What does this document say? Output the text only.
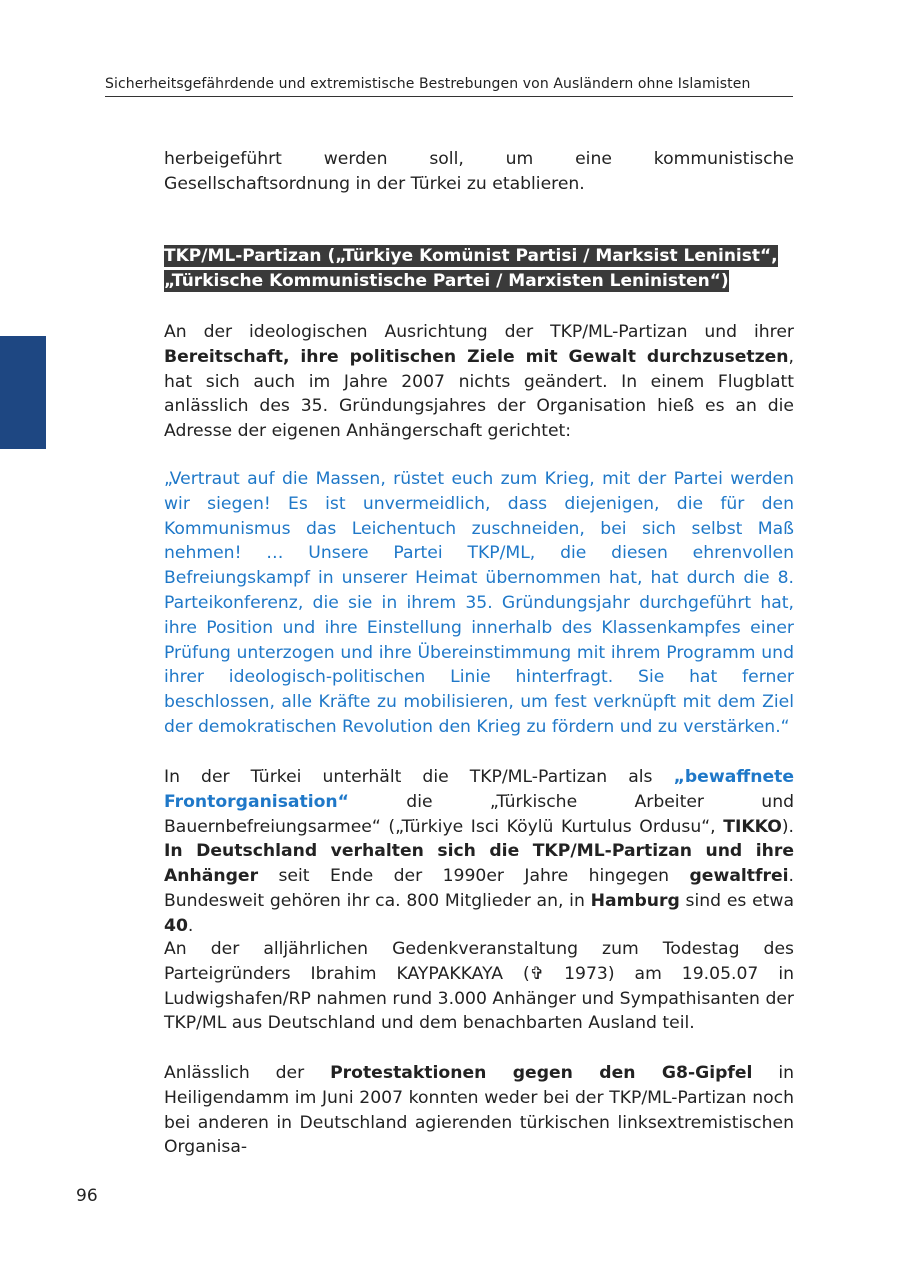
Sicherheitsgefährdende und extremistische Bestrebungen von Ausländern ohne Islamisten

herbeigeführt werden soll, um eine kommunistische Gesellschaftsordnung in der Türkei zu etablieren.

TKP/ML-Partizan („Türkiye Komünist Partisi / Marksist Leninist“, „Türkische Kommunistische Partei / Marxisten Leninisten“)

An der ideologischen Ausrichtung der TKP/ML-Partizan und ihrer Bereitschaft, ihre politischen Ziele mit Gewalt durchzusetzen, hat sich auch im Jahre 2007 nichts geändert. In einem Flugblatt anlässlich des 35. Gründungsjahres der Organisation hieß es an die Adresse der eigenen Anhängerschaft gerichtet:

„Vertraut auf die Massen, rüstet euch zum Krieg, mit der Partei werden wir siegen! Es ist unvermeidlich, dass diejenigen, die für den Kommunismus das Leichentuch zuschneiden, bei sich selbst Maß nehmen! … Unsere Partei TKP/ML, die diesen ehrenvollen Befreiungskampf in unserer Heimat übernommen hat, hat durch die 8. Parteikonferenz, die sie in ihrem 35. Gründungsjahr durchgeführt hat, ihre Position und ihre Einstellung innerhalb des Klassenkampfes einer Prüfung unterzogen und ihre Übereinstimmung mit ihrem Programm und ihrer ideologisch-politischen Linie hinterfragt. Sie hat ferner beschlossen, alle Kräfte zu mobilisieren, um fest verknüpft mit dem Ziel der demokratischen Revolution den Krieg zu fördern und zu verstärken.“

In der Türkei unterhält die TKP/ML-Partizan als „bewaffnete Frontorganisation“ die „Türkische Arbeiter und Bauernbefreiungsarmee“ („Türkiye Isci Köylü Kurtulus Ordusu“, TIKKO). In Deutschland verhalten sich die TKP/ML-Partizan und ihre Anhänger seit Ende der 1990er Jahre hingegen gewaltfrei. Bundesweit gehören ihr ca. 800 Mitglieder an, in Hamburg sind es etwa 40.

An der alljährlichen Gedenkveranstaltung zum Todestag des Parteigründers Ibrahim KAYPAKKAYA (✞ 1973) am 19.05.07 in Ludwigshafen/RP nahmen rund 3.000 Anhänger und Sympathisanten der TKP/ML aus Deutschland und dem benachbarten Ausland teil.

Anlässlich der Protestaktionen gegen den G8-Gipfel in Heiligendamm im Juni 2007 konnten weder bei der TKP/ML-Partizan noch bei anderen in Deutschland agierenden türkischen linksextremistischen Organisa-

96
